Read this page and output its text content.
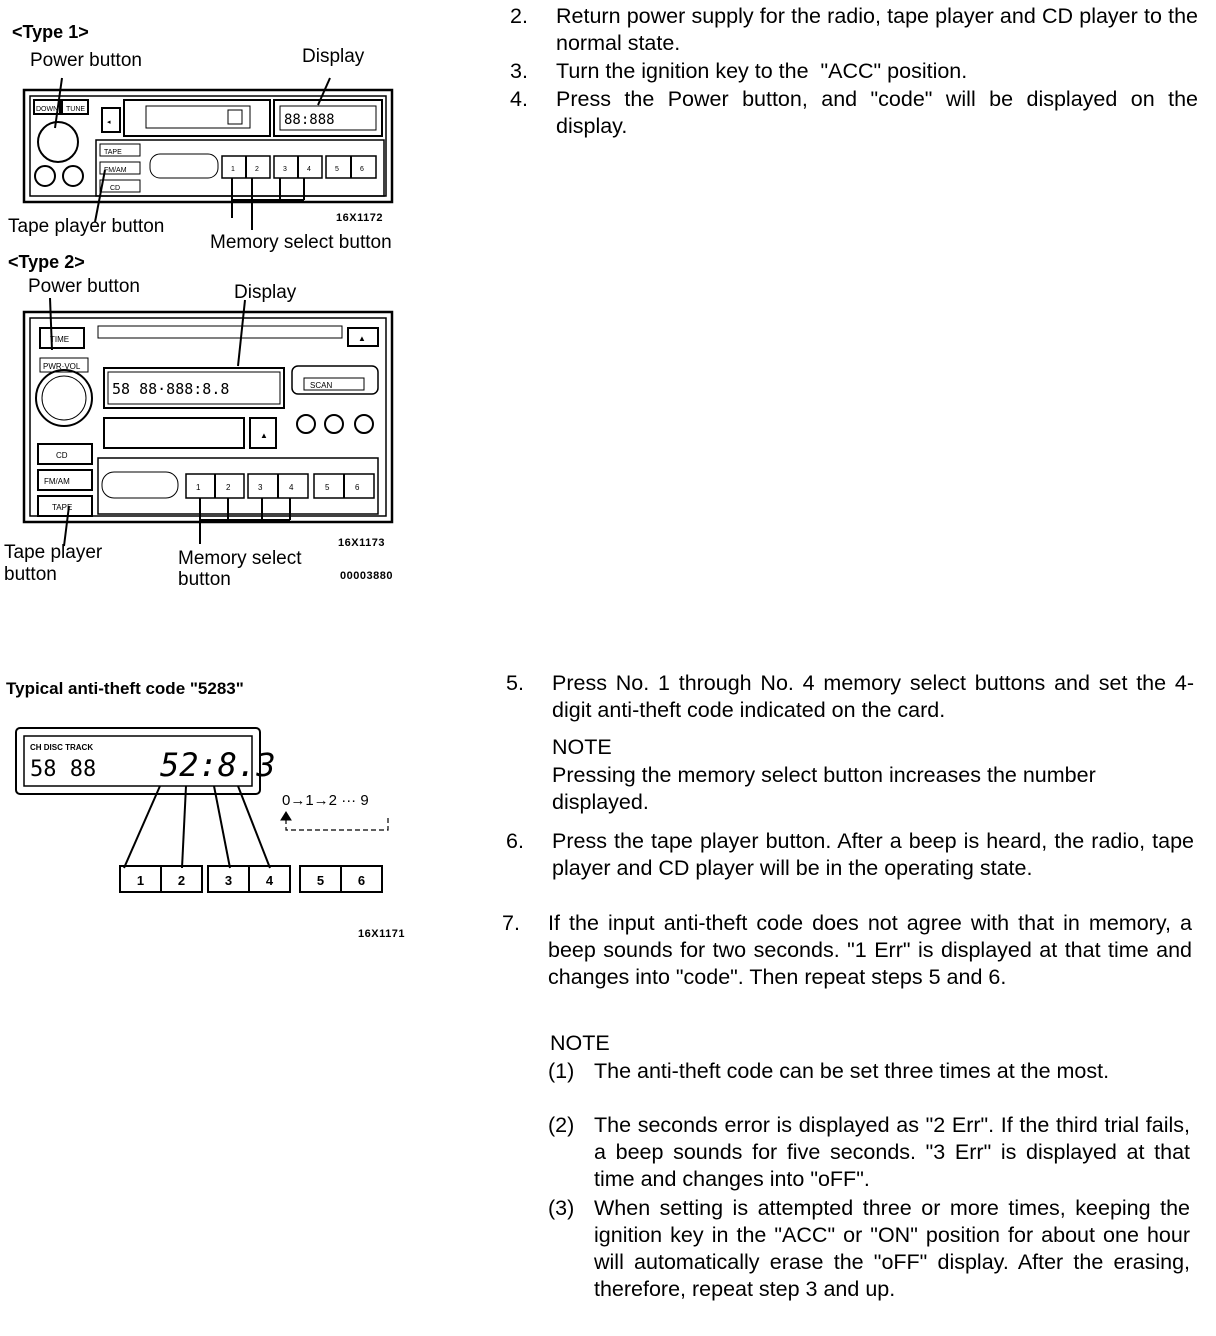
<Type 1>
Power button	Display
DOWN TUNE
◂	88:888
1	2	3	4	5	6
TAPE
FM/AM
CD
16X1172
Tape player button
Memory select button
<Type 2>
Power button	Display
TIME
PWR·VOL
▲
58 88·888:8.8
▲
SCAN
CD
FM/AM
TAPE
1	2	3	4	5	6
16X1173
Tape player
button
Memory select
button	00003880
Typical anti-theft code "5283"
CH DISC TRACK
58 88 52:8.3
0→1→2 ··· 9
1	2	3	4	5	6
16X1171
2. Return power supply for the radio, tape player and CD player to the normal state.
3. Turn the ignition key to the  "ACC" position.
4. Press the Power button, and "code" will be displayed on the display.
5. Press No. 1 through No. 4 memory select buttons and set the 4-digit anti-theft code indicated on the card.
NOTE
Pressing the memory select button increases the number displayed.
6. Press the tape player button. After a beep is heard, the radio, tape player and CD player will be in the operating state.
7. If the input anti-theft code does not agree with that in memory, a beep sounds for two seconds. "1 Err" is displayed at that time and changes into "code". Then repeat steps 5 and 6.
NOTE
(1) The anti-theft code can be set three times at the most.
(2) The seconds error is displayed as "2 Err". If the third trial fails, a beep sounds for five seconds. "3 Err" is displayed at that time and changes into "oFF".
(3) When setting is attempted three or more times, keeping the ignition key in the "ACC" or "ON" position for about one hour will automatically erase the "oFF" display. After the erasing, therefore, repeat step 3 and up.
